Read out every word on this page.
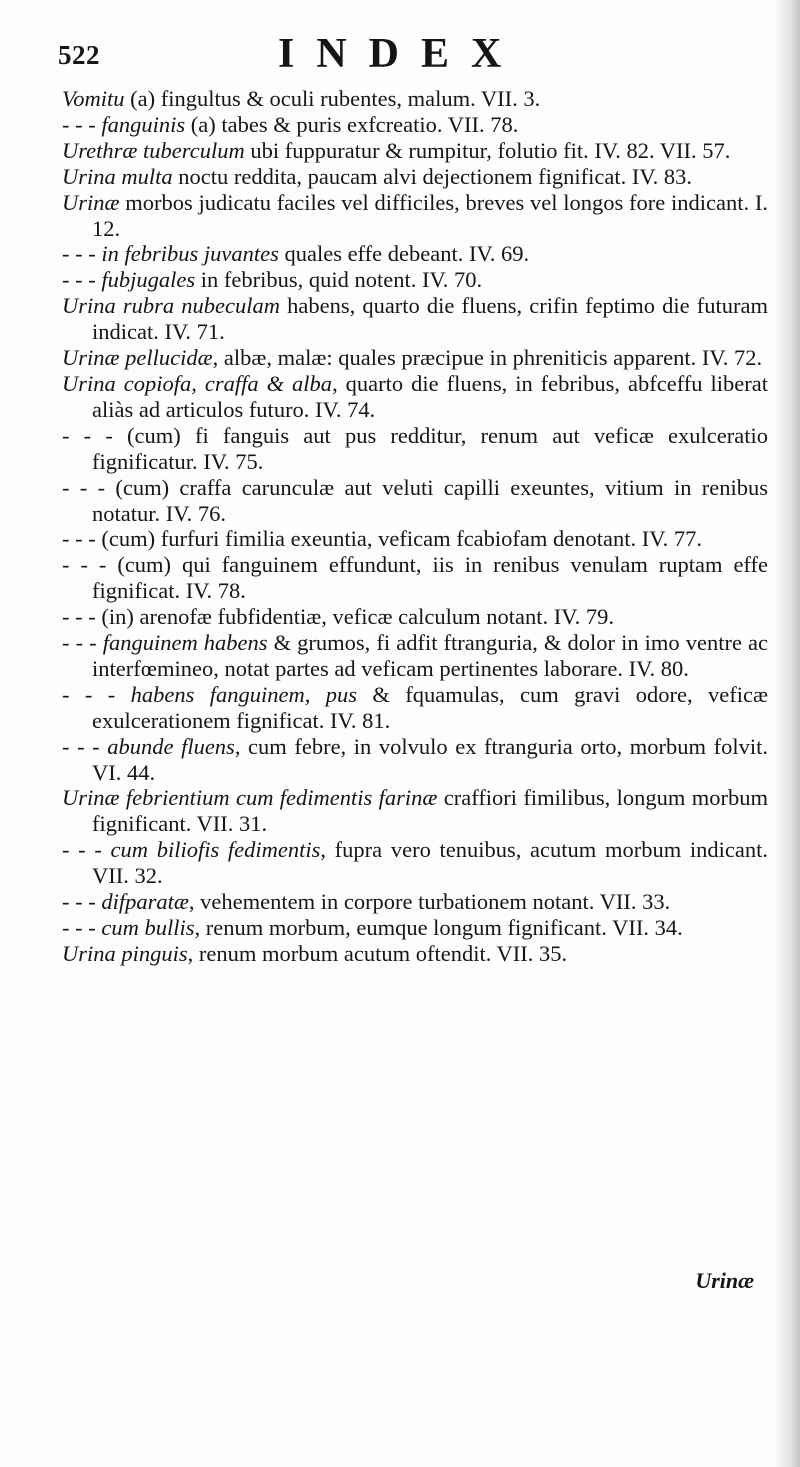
522	INDEX
Vomitu (a) fingultus & oculi rubentes, malum. VII. 3.
- - - fanguinis (a) tabes & puris exfcreatio. VII. 78.
Urethræ tuberculum ubi fuppuratur & rumpitur, folutio fit. IV. 82. VII. 57.
Urina multa noctu reddita, paucam alvi dejectionem fignificat. IV. 83.
Urinæ morbos judicatu faciles vel difficiles, breves vel longos fore indicant. I. 12.
- - - in febribus juvantes quales effe debeant. IV. 69.
- - - fubjugales in febribus, quid notent. IV. 70.
Urina rubra nubeculam habens, quarto die fluens, crifin feptimo die futuram indicat. IV. 71.
Urinæ pellucidæ, albæ, malæ: quales præcipue in phreniticis apparent. IV. 72.
Urina copiofa, craffa & alba, quarto die fluens, in febribus, abfceffu liberat aliàs ad articulos futuro. IV. 74.
- - - (cum) fi fanguis aut pus redditur, renum aut veficæ exulceratio fignificatur. IV. 75.
- - - (cum) craffa carunculæ aut veluti capilli exeuntes, vitium in renibus notatur. IV. 76.
- - - (cum) furfuri fimilia exeuntia, veficam fcabiofam denotant. IV. 77.
- - - (cum) qui fanguinem effundunt, iis in renibus venulam ruptam effe fignificat. IV. 78.
- - - (in) arenofæ fubfidentiæ, veficæ calculum notant. IV. 79.
- - - fanguinem habens & grumos, fi adfit ftranguria, & dolor in imo ventre ac interfœmineo, notat partes ad veficam pertinentes laborare. IV. 80.
- - - habens fanguinem, pus & fquamulas, cum gravi odore, veficæ exulcerationem fignificat. IV. 81.
- - - abunde fluens, cum febre, in volvulo ex ftranguria orto, morbum folvit. VI. 44.
Urinæ febrientium cum fedimentis farinæ craffiori fimilibus, longum morbum fignificant. VII. 31.
- - - cum biliofis fedimentis, fupra vero tenuibus, acutum morbum indicant. VII. 32.
- - - difparatæ, vehementem in corpore turbationem notant. VII. 33.
- - - cum bullis, renum morbum, eumque longum fignificant. VII. 34.
Urina pinguis, renum morbum acutum oftendit. VII. 35.
Urinæ
